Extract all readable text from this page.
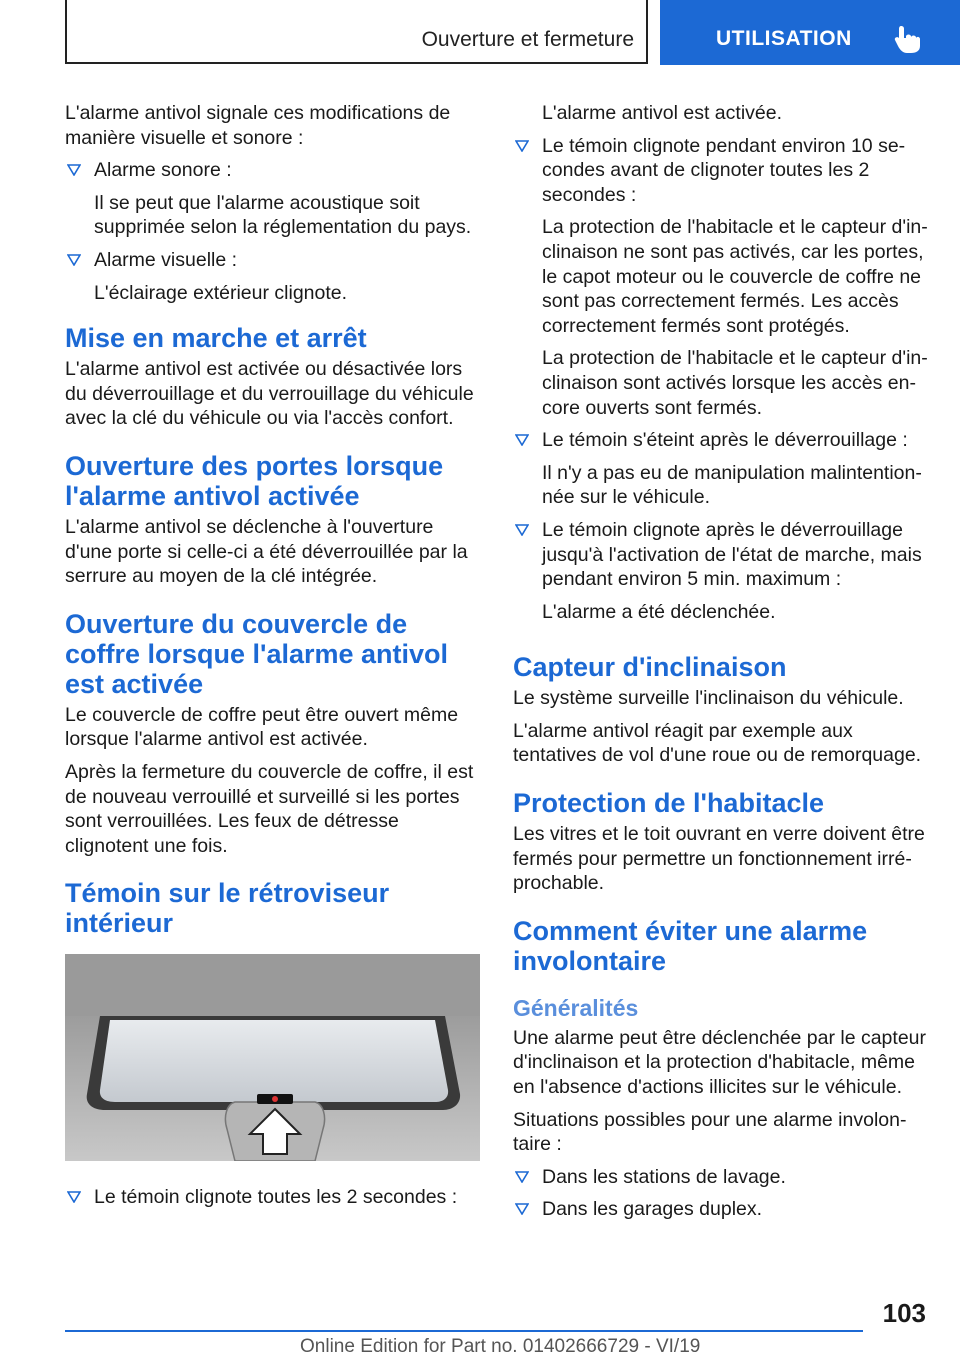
Ouverture et fermeture	UTILISATION

L'alarme antivol signale ces modifications de manière visuelle et sonore :

Alarme sonore :

Il se peut que l'alarme acoustique soit supprimée selon la réglementation du pays.

Alarme visuelle :

L'éclairage extérieur clignote.

Mise en marche et arrêt

L'alarme antivol est activée ou désactivée lors du déverrouillage et du verrouillage du véhicule avec la clé du véhicule ou via l'accès confort.

Ouverture des portes lorsque l'alarme antivol activée

L'alarme antivol se déclenche à l'ouverture d'une porte si celle-ci a été déverrouillée par la serrure au moyen de la clé intégrée.

Ouverture du couvercle de coffre lorsque l'alarme antivol est activée

Le couvercle de coffre peut être ouvert même lorsque l'alarme antivol est activée.

Après la fermeture du couvercle de coffre, il est de nouveau verrouillé et surveillé si les portes sont verrouillées. Les feux de détresse clignotent une fois.

Témoin sur le rétroviseur intérieur
Le témoin clignote toutes les 2 secondes :

L'alarme antivol est activée.

Le témoin clignote pendant environ 10 secondes avant de clignoter toutes les 2 secondes :

La protection de l'habitacle et le capteur d'inclinaison ne sont pas activés, car les portes, le capot moteur ou le couvercle de coffre ne sont pas correctement fermés. Les accès correctement fermés sont protégés.

La protection de l'habitacle et le capteur d'inclinaison sont activés lorsque les accès encore ouverts sont fermés.

Le témoin s'éteint après le déverrouillage :

Il n'y a pas eu de manipulation malintentionnée sur le véhicule.

Le témoin clignote après le déverrouillage jusqu'à l'activation de l'état de marche, mais pendant environ 5 min. maximum :

L'alarme a été déclenchée.

Capteur d'inclinaison

Le système surveille l'inclinaison du véhicule.

L'alarme antivol réagit par exemple aux tentatives de vol d'une roue ou de remorquage.

Protection de l'habitacle

Les vitres et le toit ouvrant en verre doivent être fermés pour permettre un fonctionnement irréprochable.

Comment éviter une alarme involontaire
Généralités

Une alarme peut être déclenchée par le capteur d'inclinaison et la protection d'habitacle, même en l'absence d'actions illicites sur le véhicule.

Situations possibles pour une alarme involontaire :

Dans les stations de lavage.
Dans les garages duplex.
103
Online Edition for Part no. 01402666729 - VI/19
